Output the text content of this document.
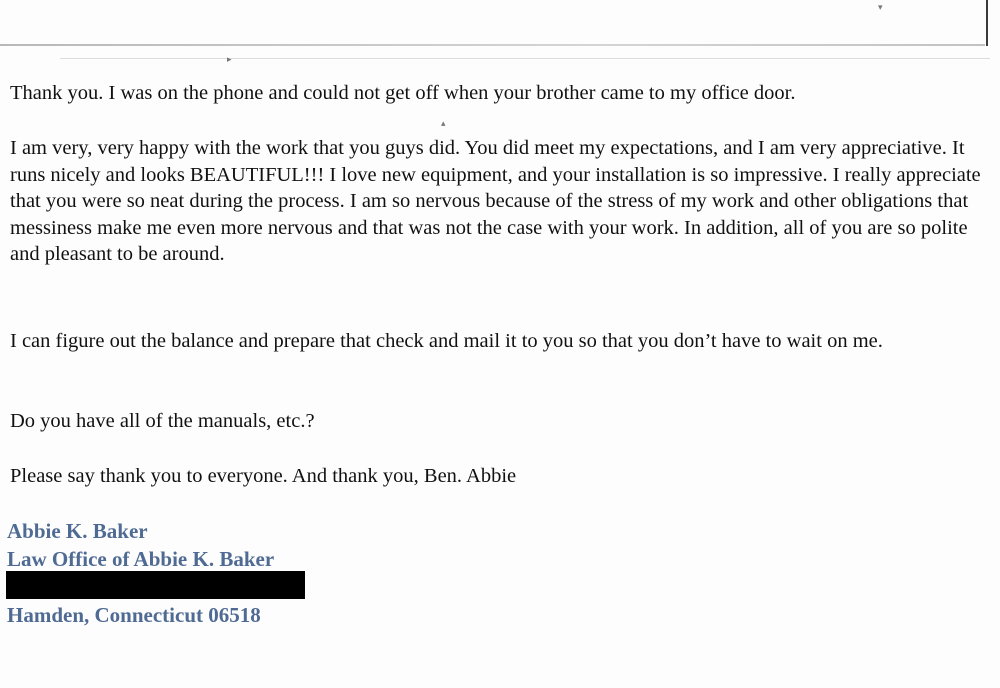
▸
▾
▴

Thank you. I was on the phone and could not get off when your brother came to my office door.

I am very, very happy with the work that you guys did. You did meet my expectations, and I am very appreciative. It runs nicely and looks BEAUTIFUL!!! I love new equipment, and your installation is so impressive. I really appreciate that you were so neat during the process. I am so nervous because of the stress of my work and other obligations that messiness make me even more nervous and that was not the case with your work. In addition, all of you are so polite and pleasant to be around.

I can figure out the balance and prepare that check and mail it to you so that you don’t have to wait on me.

Do you have all of the manuals, etc.?

Please say thank you to everyone. And thank you, Ben. Abbie

Abbie K. Baker

Law Office of Abbie K. Baker

Hamden, Connecticut 06518
